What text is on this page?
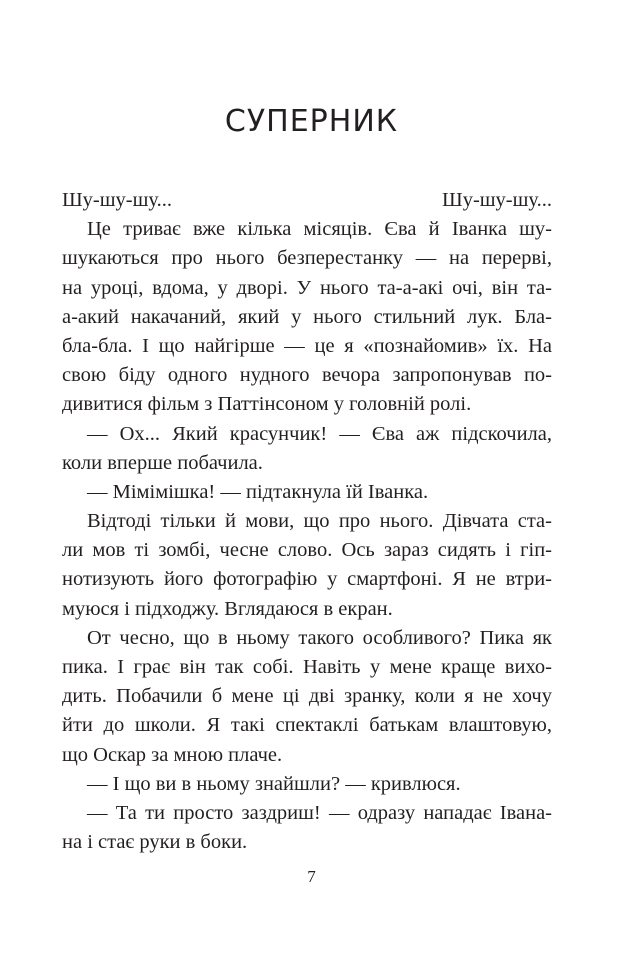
СУПЕРНИК
Шу-шу-шу... Шу-шу-шу...
Це триває вже кілька місяців. Єва й Іванка шу-
шукаються про нього безперестанку — на перерві,
на уроці, вдома, у дворі. У нього та-а-акі очі, він та-
а-акий накачаний, який у нього стильний лук. Бла-
бла-бла. І що найгірше — це я «познайомив» їх. На
свою біду одного нудного вечора запропонував по-
дивитися фільм з Паттінсоном у головній ролі.
— Ох... Який красунчик! — Єва аж підскочила,
коли вперше побачила.
— Мімімішка! — підтакнула їй Іванка.
Відтоді тільки й мови, що про нього. Дівчата ста-
ли мов ті зомбі, чесне слово. Ось зараз сидять і гіп-
нотизують його фотографію у смартфоні. Я не втри-
муюся і підходжу. Вглядаюся в екран.
От чесно, що в ньому такого особливого? Пика як
пика. І грає він так собі. Навіть у мене краще вихо-
дить. Побачили б мене ці дві зранку, коли я не хочу
йти до школи. Я такі спектаклі батькам влаштовую,
що Оскар за мною плаче.
— І що ви в ньому знайшли? — кривлюся.
— Та ти просто заздриш! — одразу нападає Івана-
на і стає руки в боки.
7
